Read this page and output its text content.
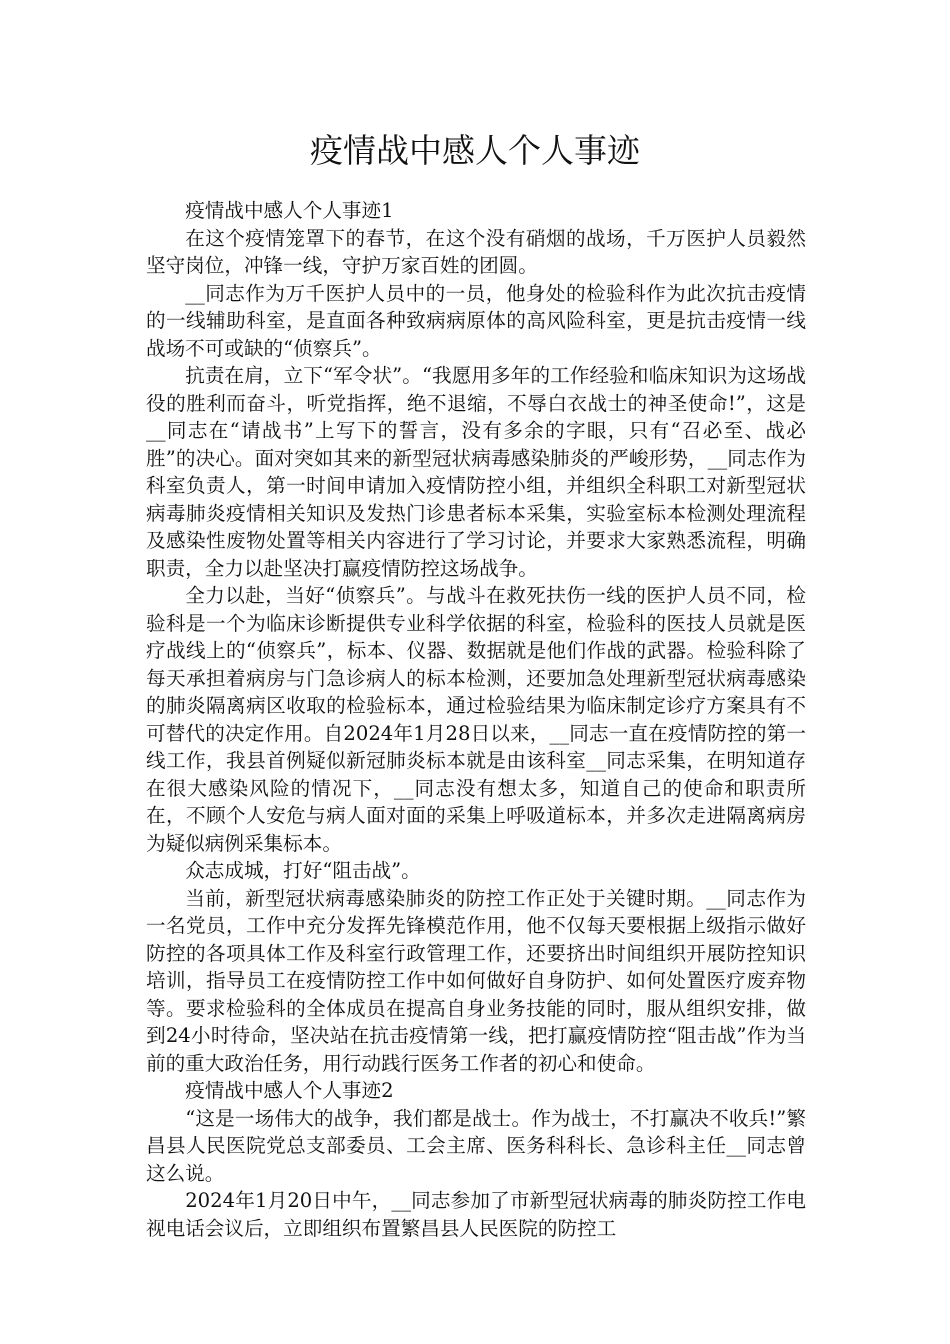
疫情战中感人个人事迹

疫情战中感人个人事迹1

在这个疫情笼罩下的春节，在这个没有硝烟的战场，千万医护人员毅然坚守岗位，冲锋一线，守护万家百姓的团圆。

__同志作为万千医护人员中的一员，他身处的检验科作为此次抗击疫情的一线辅助科室，是直面各种致病病原体的高风险科室，更是抗击疫情一线战场不可或缺的“侦察兵”。

抗责在肩，立下“军令状”。“我愿用多年的工作经验和临床知识为这场战役的胜利而奋斗，听党指挥，绝不退缩，不辱白衣战士的神圣使命!”，这是__同志在“请战书”上写下的誓言，没有多余的字眼，只有“召必至、战必胜”的决心。面对突如其来的新型冠状病毒感染肺炎的严峻形势，__同志作为科室负责人，第一时间申请加入疫情防控小组，并组织全科职工对新型冠状病毒肺炎疫情相关知识及发热门诊患者标本采集，实验室标本检测处理流程及感染性废物处置等相关内容进行了学习讨论，并要求大家熟悉流程，明确职责，全力以赴坚决打赢疫情防控这场战争。

全力以赴，当好“侦察兵”。与战斗在救死扶伤一线的医护人员不同，检验科是一个为临床诊断提供专业科学依据的科室，检验科的医技人员就是医疗战线上的“侦察兵”，标本、仪器、数据就是他们作战的武器。检验科除了每天承担着病房与门急诊病人的标本检测，还要加急处理新型冠状病毒感染的肺炎隔离病区收取的检验标本，通过检验结果为临床制定诊疗方案具有不可替代的决定作用。自2024年1月28日以来，__同志一直在疫情防控的第一线工作，我县首例疑似新冠肺炎标本就是由该科室__同志采集，在明知道存在很大感染风险的情况下，__同志没有想太多，知道自己的使命和职责所在，不顾个人安危与病人面对面的采集上呼吸道标本，并多次走进隔离病房为疑似病例采集标本。

众志成城，打好“阻击战”。

当前，新型冠状病毒感染肺炎的防控工作正处于关键时期。__同志作为一名党员，工作中充分发挥先锋模范作用，他不仅每天要根据上级指示做好防控的各项具体工作及科室行政管理工作，还要挤出时间组织开展防控知识培训，指导员工在疫情防控工作中如何做好自身防护、如何处置医疗废弃物等。要求检验科的全体成员在提高自身业务技能的同时，服从组织安排，做到24小时待命，坚决站在抗击疫情第一线，把打赢疫情防控“阻击战”作为当前的重大政治任务，用行动践行医务工作者的初心和使命。

疫情战中感人个人事迹2

“这是一场伟大的战争，我们都是战士。作为战士，不打赢决不收兵!”繁昌县人民医院党总支部委员、工会主席、医务科科长、急诊科主任__同志曾这么说。

2024年1月20日中午，__同志参加了市新型冠状病毒的肺炎防控工作电视电话会议后，立即组织布置繁昌县人民医院的防控工
